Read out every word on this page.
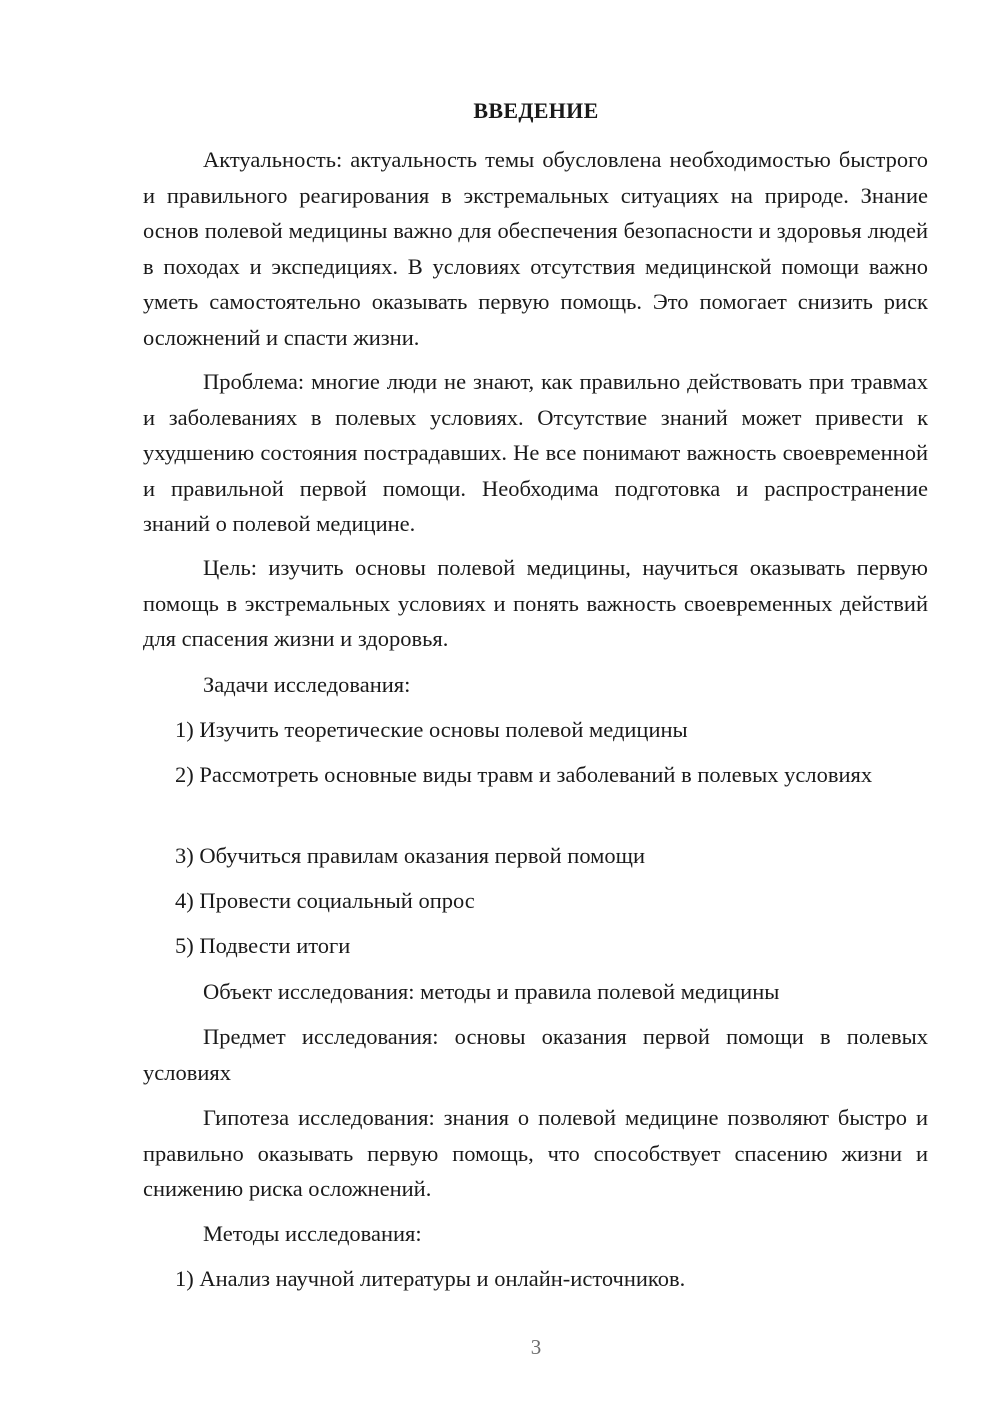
ВВЕДЕНИЕ

Актуальность: актуальность темы обусловлена необходимостью быстрого и правильного реагирования в экстремальных ситуациях на природе. Знание основ полевой медицины важно для обеспечения безопасности и здоровья людей в походах и экспедициях. В условиях отсутствия медицинской помощи важно уметь самостоятельно оказывать первую помощь. Это помогает снизить риск осложнений и спасти жизни.

Проблема: многие люди не знают, как правильно действовать при травмах и заболеваниях в полевых условиях. Отсутствие знаний может привести к ухудшению состояния пострадавших. Не все понимают важность своевременной и правильной первой помощи. Необходима подготовка и распространение знаний о полевой медицине.

Цель: изучить основы полевой медицины, научиться оказывать первую помощь в экстремальных условиях и понять важность своевременных действий для спасения жизни и здоровья.

Задачи исследования:

1) Изучить теоретические основы полевой медицины

2) Рассмотреть основные виды травм и заболеваний в полевых условиях

3) Обучиться правилам оказания первой помощи

4) Провести социальный опрос

5) Подвести итоги

Объект исследования: методы и правила полевой медицины

Предмет исследования: основы оказания первой помощи в полевых условиях

Гипотеза исследования: знания о полевой медицине позволяют быстро и правильно оказывать первую помощь, что способствует спасению жизни и снижению риска осложнений.

Методы исследования:

1) Анализ научной литературы и онлайн-источников.

3
